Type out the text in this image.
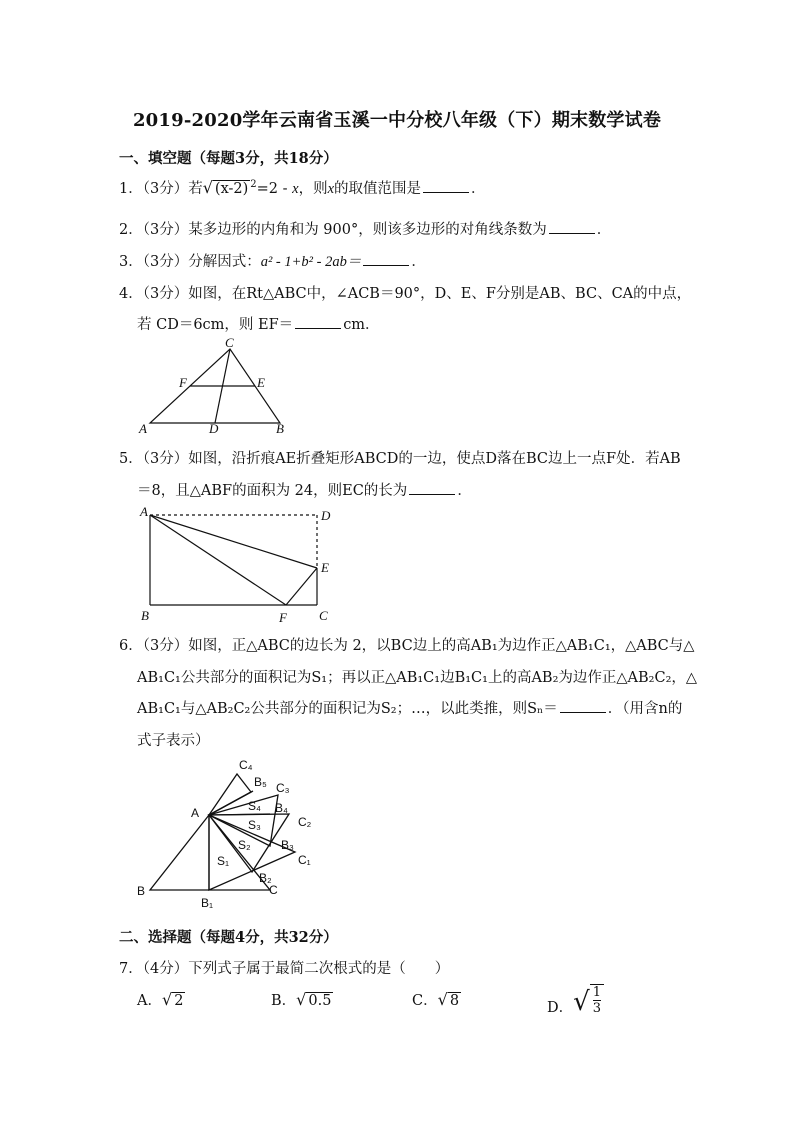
2019-2020学年云南省玉溪一中分校八年级（下）期末数学试卷
一、填空题（每题3分，共18分）
1．（3分）若√ (x-2) $^2$=2 - x，则x的取值范围是	．
2．（3分）某多边形的内角和为 900°，则该多边形的对角线条数为	．
3．（3分）分解因式：a² - 1+b² - 2ab＝	．
4．（3分）如图，在Rt△ABC中，∠ACB＝90°，D、E、F分别是AB、BC、CA的中点，
若 CD＝6cm，则 EF＝	cm．
C
F	E
A	D	B
5．（3分）如图，沿折痕AE折叠矩形ABCD的一边，使点D落在BC边上一点F处．若AB
＝8，且△ABF的面积为 24，则EC的长为	．
A	D
E
B	F C
6．（3分）如图，正△ABC的边长为 2，以BC边上的高AB₁为边作正△AB₁C₁，△ABC与△
AB₁C₁公共部分的面积记为S₁；再以正△AB₁C₁边B₁C₁上的高AB₂为边作正△AB₂C₂，△
AB₁C₁与△AB₂C₂公共部分的面积记为S₂；…，以此类推，则Sₙ＝	．（用含n的
式子表示）
C₄
B₅ C₃
A	S₄ B₄
S₃	C₂
S₂	B₃
C₁
S₁
B₂
C
B
B₁
二、选择题（每题4分，共32分）
7．（4分）下列式子属于最简二次根式的是（　　）
A．√ 2	B．√ 0.5	C．√ 8	D．√ $\frac{1}{3}$
